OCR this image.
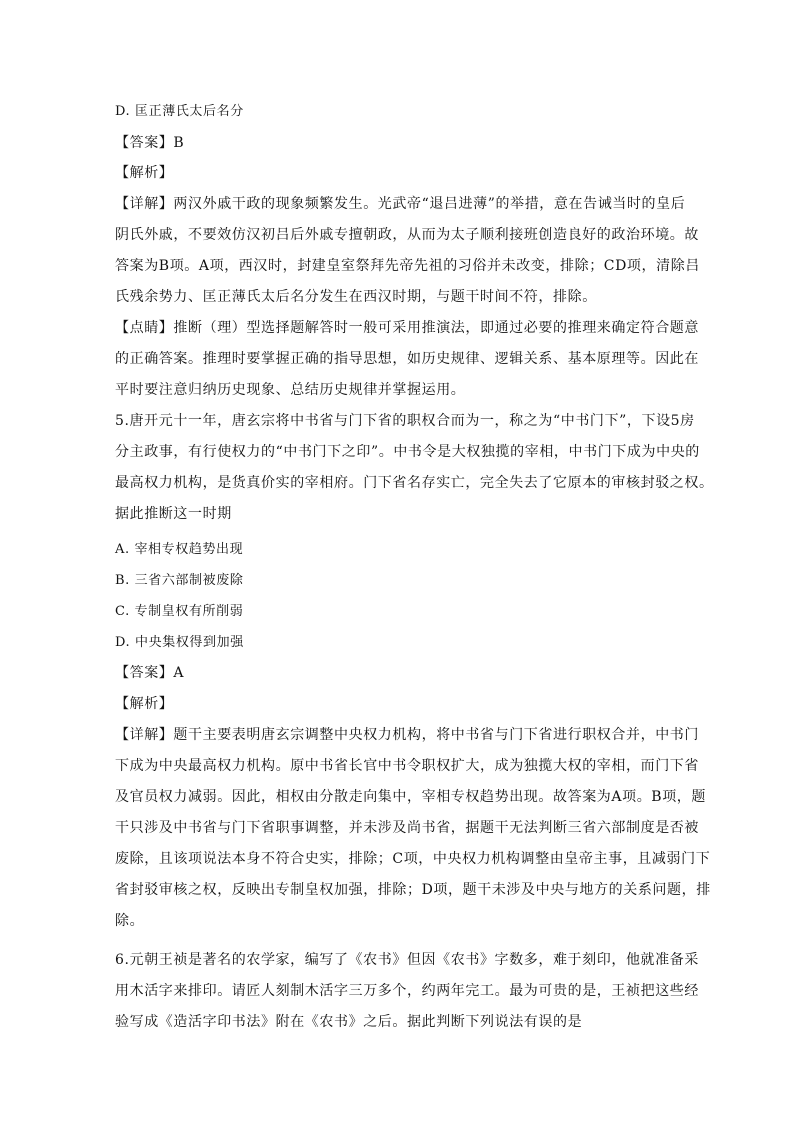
D. 匡正薄氏太后名分
【答案】B
【解析】
【详解】两汉外戚干政的现象频繁发生。光武帝“退吕进薄”的举措，意在告诫当时的皇后
阴氏外戚，不要效仿汉初吕后外戚专擅朝政，从而为太子顺利接班创造良好的政治环境。故
答案为B项。A项，西汉时，封建皇室祭拜先帝先祖的习俗并未改变，排除；CD项，清除吕
氏残余势力、匡正薄氏太后名分发生在西汉时期，与题干时间不符，排除。
【点睛】推断（理）型选择题解答时一般可采用推演法，即通过必要的推理来确定符合题意
的正确答案。推理时要掌握正确的指导思想，如历史规律、逻辑关系、基本原理等。因此在
平时要注意归纳历史现象、总结历史规律并掌握运用。
5.唐开元十一年，唐玄宗将中书省与门下省的职权合而为一，称之为“中书门下”，下设5房
分主政事，有行使权力的“中书门下之印”。中书令是大权独揽的宰相，中书门下成为中央的
最高权力机构，是货真价实的宰相府。门下省名存实亡，完全失去了它原本的审核封驳之权。
据此推断这一时期
A. 宰相专权趋势出现
B. 三省六部制被废除
C. 专制皇权有所削弱
D. 中央集权得到加强
【答案】A
【解析】
【详解】题干主要表明唐玄宗调整中央权力机构，将中书省与门下省进行职权合并，中书门
下成为中央最高权力机构。原中书省长官中书令职权扩大，成为独揽大权的宰相，而门下省
及官员权力减弱。因此，相权由分散走向集中，宰相专权趋势出现。故答案为A项。B项，题
干只涉及中书省与门下省职事调整，并未涉及尚书省，据题干无法判断三省六部制度是否被
废除，且该项说法本身不符合史实，排除；C项，中央权力机构调整由皇帝主事，且减弱门下
省封驳审核之权，反映出专制皇权加强，排除；D项，题干未涉及中央与地方的关系问题，排
除。
6.元朝王祯是著名的农学家，编写了《农书》但因《农书》字数多，难于刻印，他就准备采
用木活字来排印。请匠人刻制木活字三万多个，约两年完工。最为可贵的是，王祯把这些经
验写成《造活字印书法》附在《农书》之后。据此判断下列说法有误的是
